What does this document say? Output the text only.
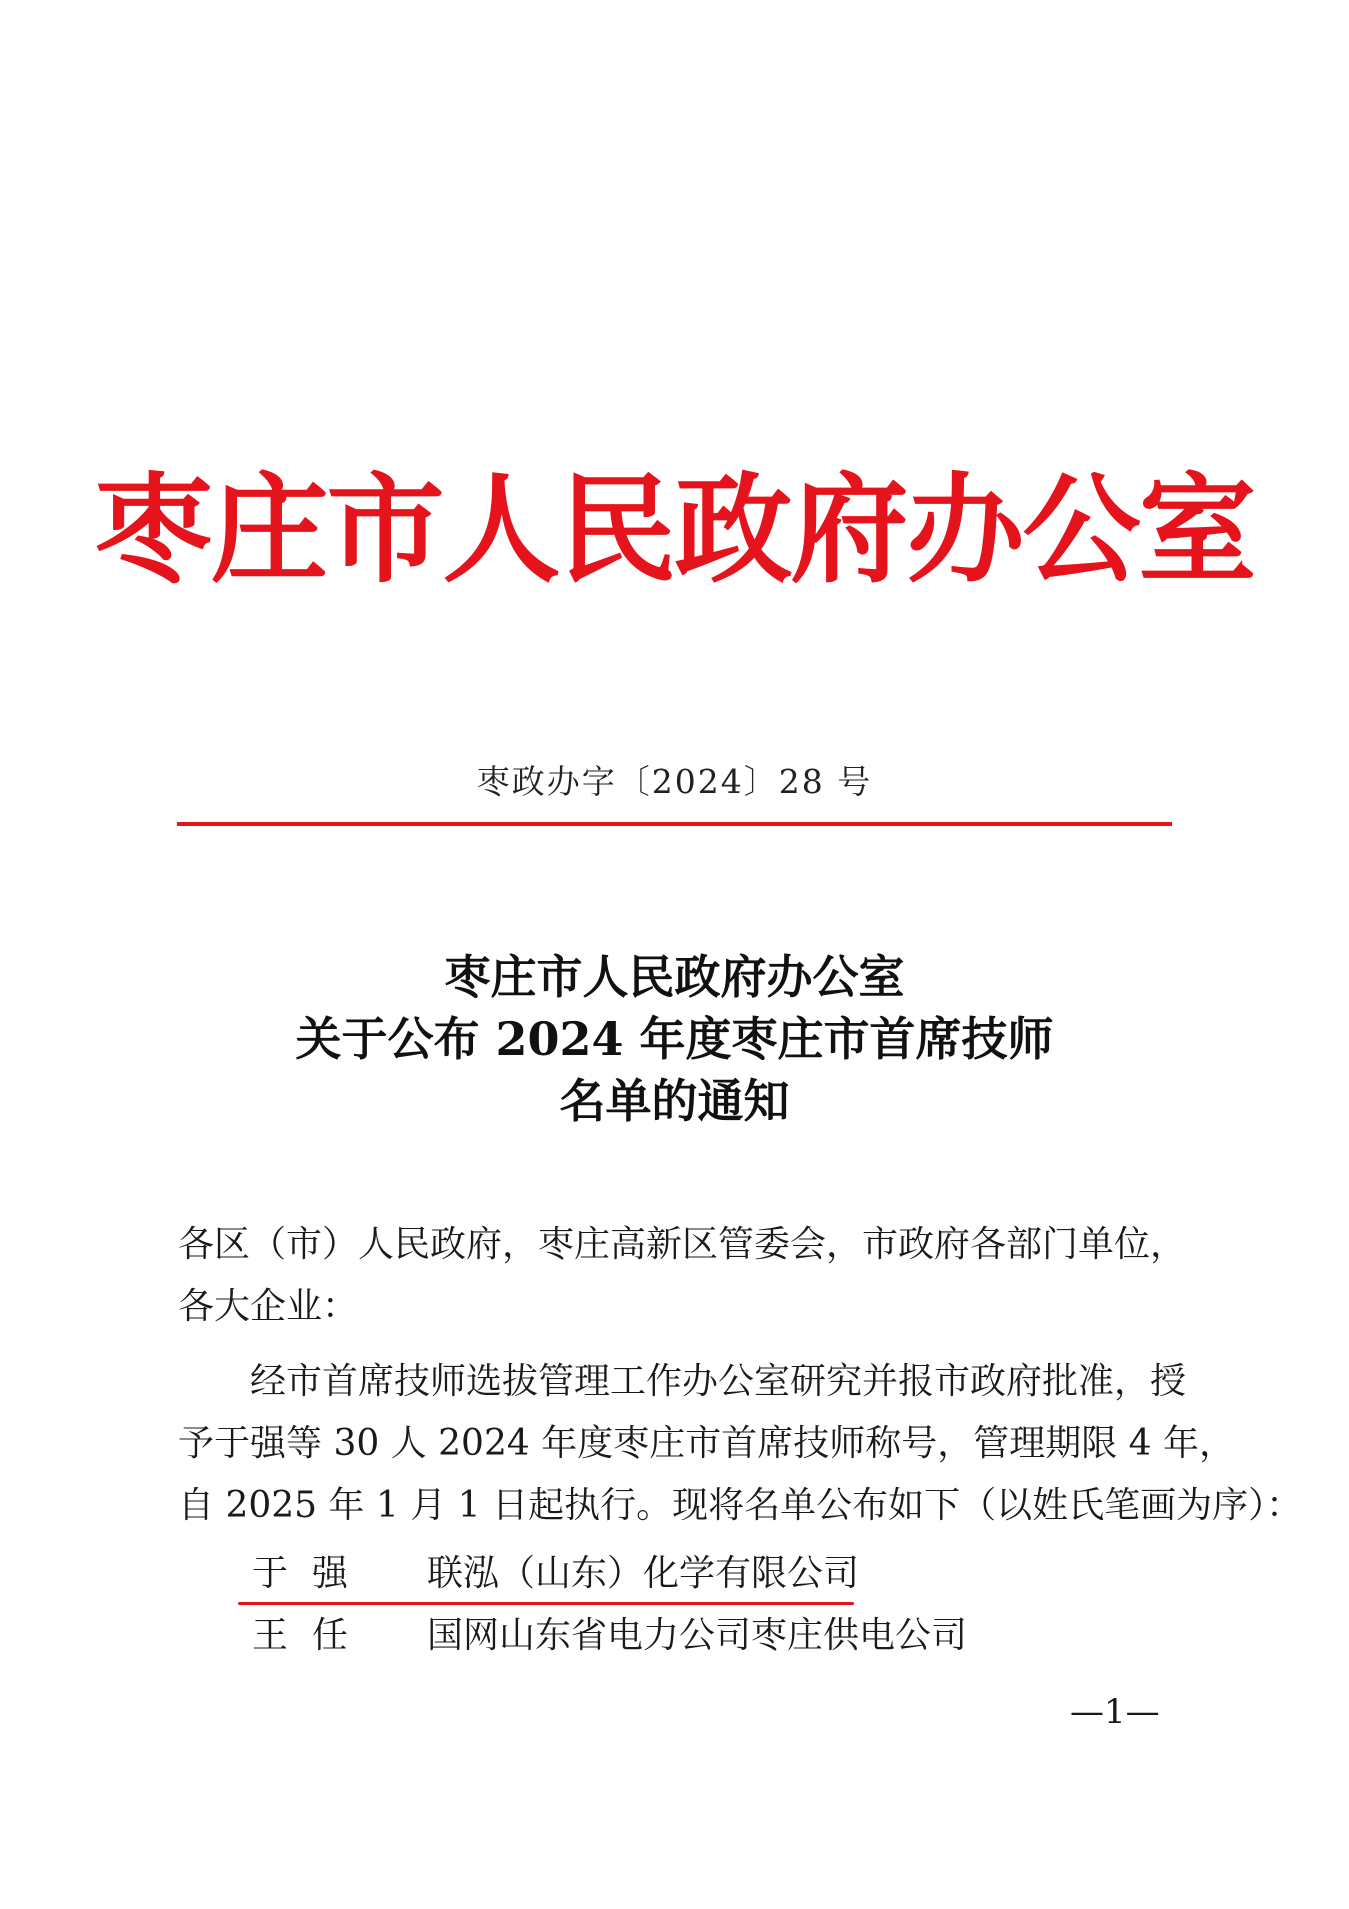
枣庄市人民政府办公室
枣政办字〔2024〕28 号
枣庄市人民政府办公室
关于公布 2024 年度枣庄市首席技师
名单的通知
各区（市）人民政府，枣庄高新区管委会，市政府各部门单位，
各大企业：
经市首席技师选拔管理工作办公室研究并报市政府批准，授
予于强等 30 人 2024 年度枣庄市首席技师称号，管理期限 4 年，
自 2025 年 1 月 1 日起执行。现将名单公布如下（以姓氏笔画为序）：
于强 联泓（山东）化学有限公司
王任 国网山东省电力公司枣庄供电公司
—1—
